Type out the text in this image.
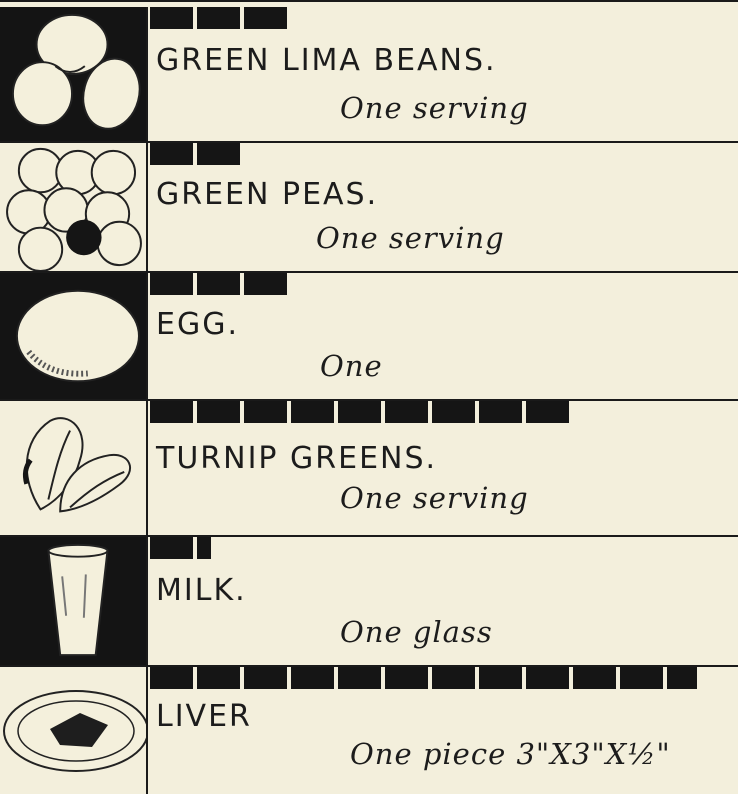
GREEN LIMA BEANS.
One serving
GREEN PEAS.
One serving
EGG.
One
TURNIP GREENS.
One serving
MILK.
One glass
LIVER
One piece 3"X3"X½"
